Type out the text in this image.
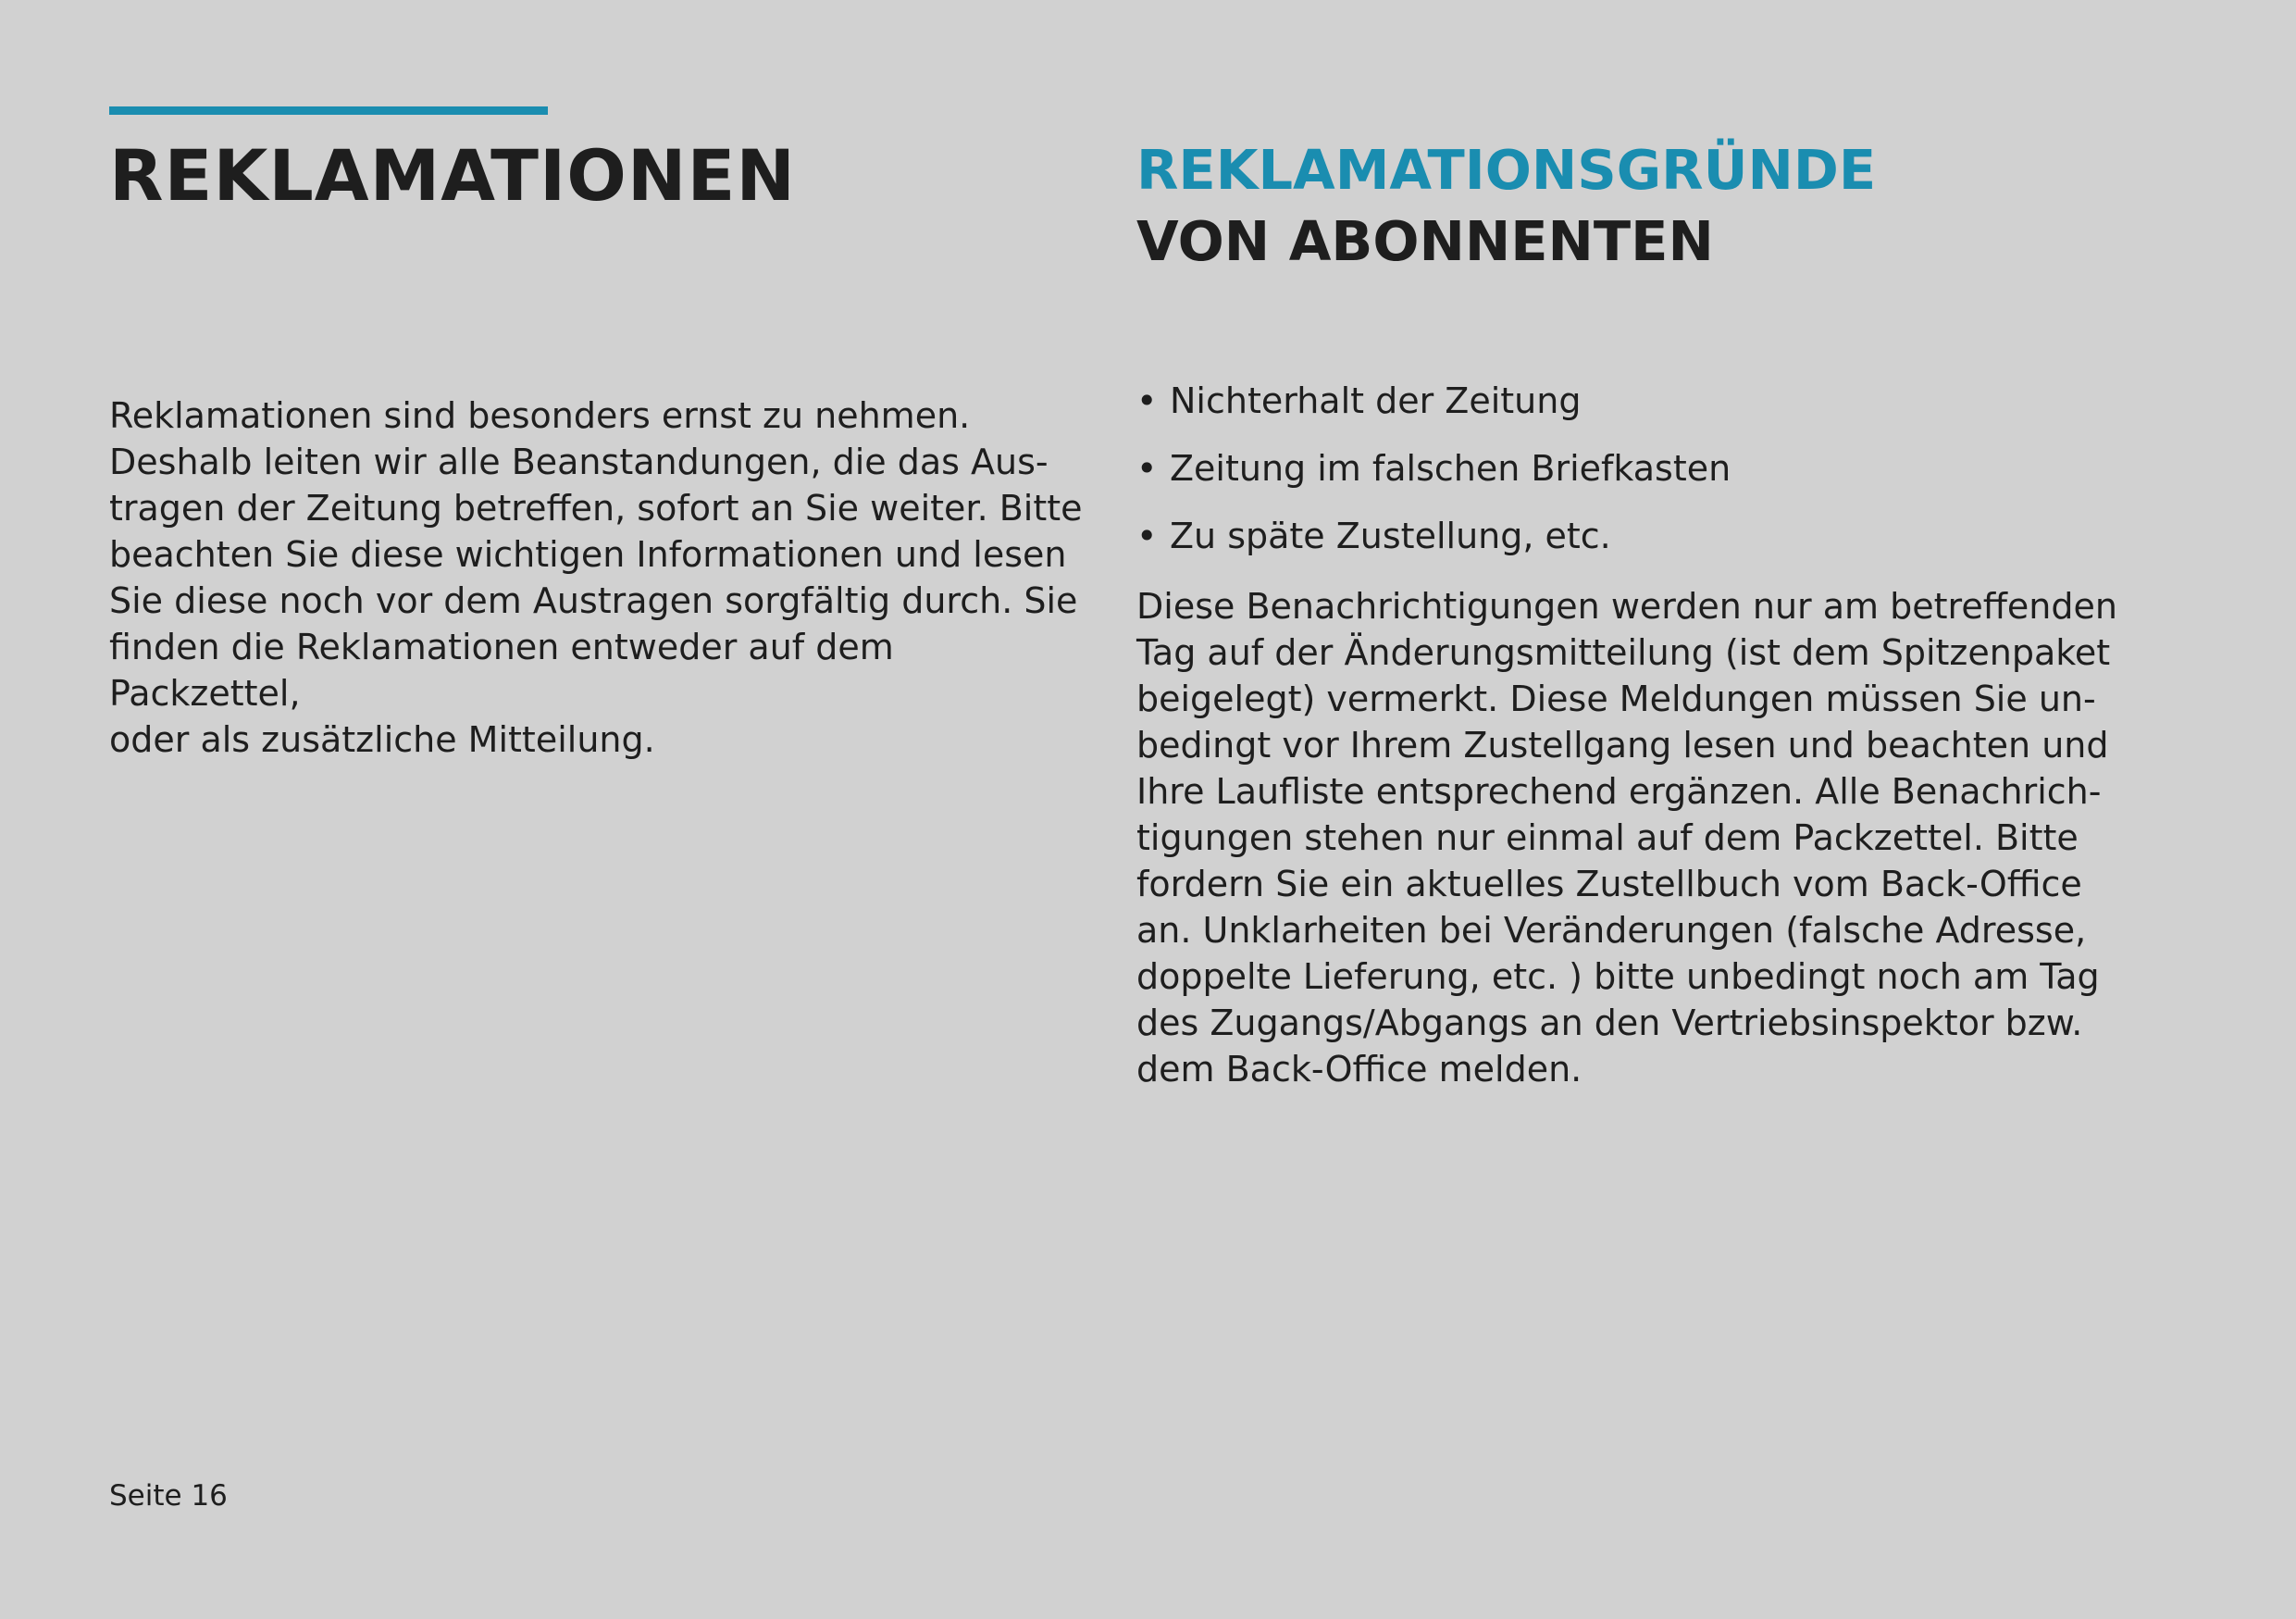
REKLAMATIONEN

Reklamationen sind besonders ernst zu nehmen.
Deshalb leiten wir alle Beanstandungen, die das Aus-
tragen der Zeitung betreffen, sofort an Sie weiter. Bitte
beachten Sie diese wichtigen Informationen und lesen
Sie diese noch vor dem Austragen sorgfältig durch. Sie
finden die Reklamationen entweder auf dem Packzettel,
oder als zusätzliche Mitteilung.

REKLAMATIONSGRÜNDE
VON ABONNENTEN
• Nichterhalt der Zeitung
• Zeitung im falschen Briefkasten
• Zu späte Zustellung, etc.

Diese Benachrichtigungen werden nur am betreffenden
Tag auf der Änderungsmitteilung (ist dem Spitzenpaket
beigelegt) vermerkt. Diese Meldungen müssen Sie un-
bedingt vor Ihrem Zustellgang lesen und beachten und
Ihre Laufliste entsprechend ergänzen. Alle Benachrich-
tigungen stehen nur einmal auf dem Packzettel. Bitte
fordern Sie ein aktuelles Zustellbuch vom Back-Office
an. Unklarheiten bei Veränderungen (falsche Adresse,
doppelte Lieferung, etc. ) bitte unbedingt noch am Tag
des Zugangs/Abgangs an den Vertriebsinspektor bzw.
dem Back-Office melden.

Seite 16
